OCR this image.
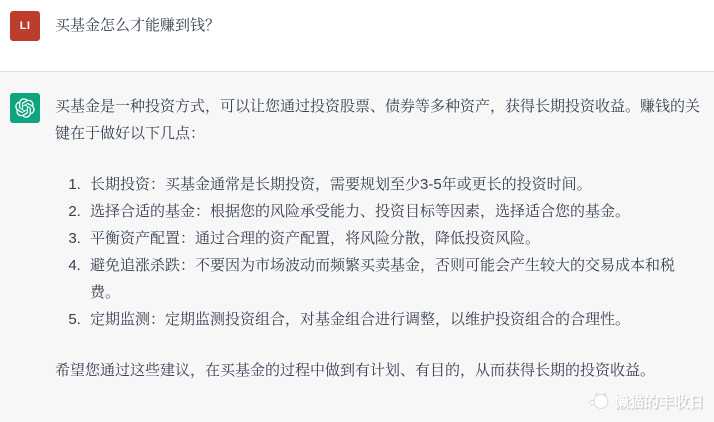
LI	买基金怎么才能赚到钱？

买基金是一种投资方式，可以让您通过投资股票、债券等多种资产，获得长期投资收益。赚钱的关键在于做好以下几点：

1. 长期投资：买基金通常是长期投资，需要规划至少3-5年或更长的投资时间。
2. 选择合适的基金：根据您的风险承受能力、投资目标等因素，选择适合您的基金。
3. 平衡资产配置：通过合理的资产配置，将风险分散，降低投资风险。
4. 避免追涨杀跌：不要因为市场波动而频繁买卖基金，否则可能会产生较大的交易成本和税费。
5. 定期监测：定期监测投资组合，对基金组合进行调整，以维护投资组合的合理性。

希望您通过这些建议，在买基金的过程中做到有计划、有目的，从而获得长期的投资收益。

懒猫的丰收日
